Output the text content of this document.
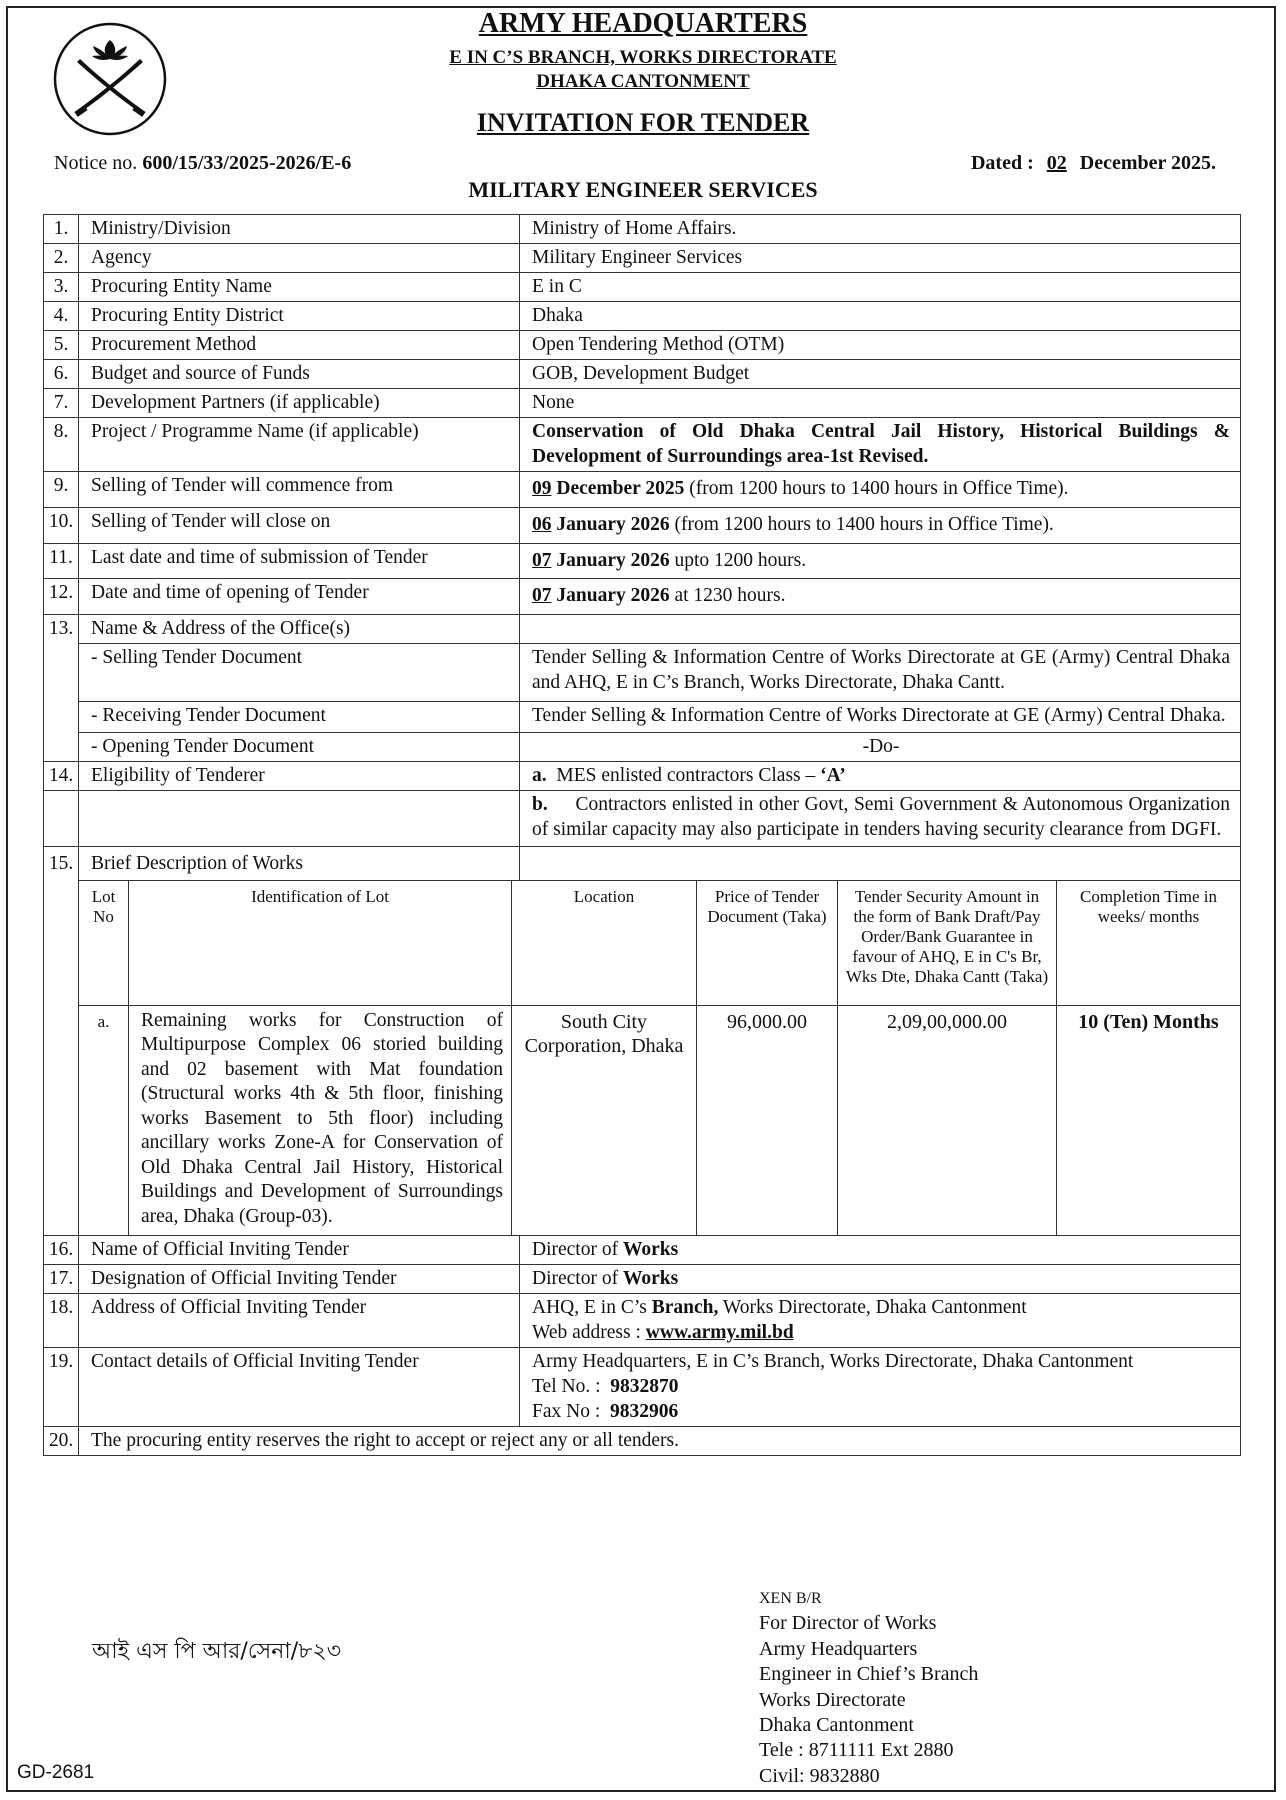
ARMY HEADQUARTERS
E IN C’S BRANCH, WORKS DIRECTORATE
DHAKA CANTONMENT
INVITATION FOR TENDER
Notice no. 600/15/33/2025-2026/E-6	Dated : 02 December 2025.
MILITARY ENGINEER SERVICES
1.	Ministry/Division	Ministry of Home Affairs.
2.	Agency	Military Engineer Services
3.	Procuring Entity Name	E in C
4.	Procuring Entity District	Dhaka
5.	Procurement Method	Open Tendering Method (OTM)
6.	Budget and source of Funds	GOB, Development Budget
7.	Development Partners (if applicable)	None
8.	Project / Programme Name (if applicable)	Conservation of Old Dhaka Central Jail History, Historical Buildings & Development of Surroundings area-1st Revised.
9.	Selling of Tender will commence from	09 December 2025 (from 1200 hours to 1400 hours in Office Time).
10.	Selling of Tender will close on	06 January 2026 (from 1200 hours to 1400 hours in Office Time).
11.	Last date and time of submission of Tender	07 January 2026 upto 1200 hours.
12.	Date and time of opening of Tender	07 January 2026 at 1230 hours.
13.	Name & Address of the Office(s)	
- Selling Tender Document	Tender Selling & Information Centre of Works Directorate at GE (Army) Central Dhaka and AHQ, E in C’s Branch, Works Directorate, Dhaka Cantt.
- Receiving Tender Document	Tender Selling & Information Centre of Works Directorate at GE (Army) Central Dhaka.
- Opening Tender Document	-Do-
14.	Eligibility of Tenderer	a. MES enlisted contractors Class – ‘A’
		b. Contractors enlisted in other Govt, Semi Government & Autonomous Organization of similar capacity may also participate in tenders having security clearance from DGFI.
15.	Brief Description of Works	

Lot No	Identification of Lot	Location	Price of Tender Document (Taka)	Tender Security Amount in the form of Bank Draft/Pay Order/Bank Guarantee in favour of AHQ, E in C's Br, Wks Dte, Dhaka Cantt (Taka)	Completion Time in weeks/ months
a.	Remaining works for Construction of Multipurpose Complex 06 storied building and 02 basement with Mat foundation (Structural works 4th & 5th floor, finishing works Basement to 5th floor) including ancillary works Zone-A for Conservation of Old Dhaka Central Jail History, Historical Buildings and Development of Surroundings area, Dhaka (Group-03).	South City Corporation, Dhaka	96,000.00	2,09,00,000.00	10 (Ten) Months

16.	Name of Official Inviting Tender	Director of Works
17.	Designation of Official Inviting Tender	Director of Works
18.	Address of Official Inviting Tender	AHQ, E in C’s Branch, Works Directorate, Dhaka Cantonment
Web address : www.army.mil.bd
19.	Contact details of Official Inviting Tender	Army Headquarters, E in C’s Branch, Works Directorate, Dhaka Cantonment
Tel No. : 9832870
Fax No : 9832906
20.	The procuring entity reserves the right to accept or reject any or all tenders.
আই এস পি আর/সেনা/৮২৩
XEN B/R
For Director of Works
Army Headquarters
Engineer in Chief’s Branch
Works Directorate
Dhaka Cantonment
Tele : 8711111 Ext 2880
Civil: 9832880
GD-2681
